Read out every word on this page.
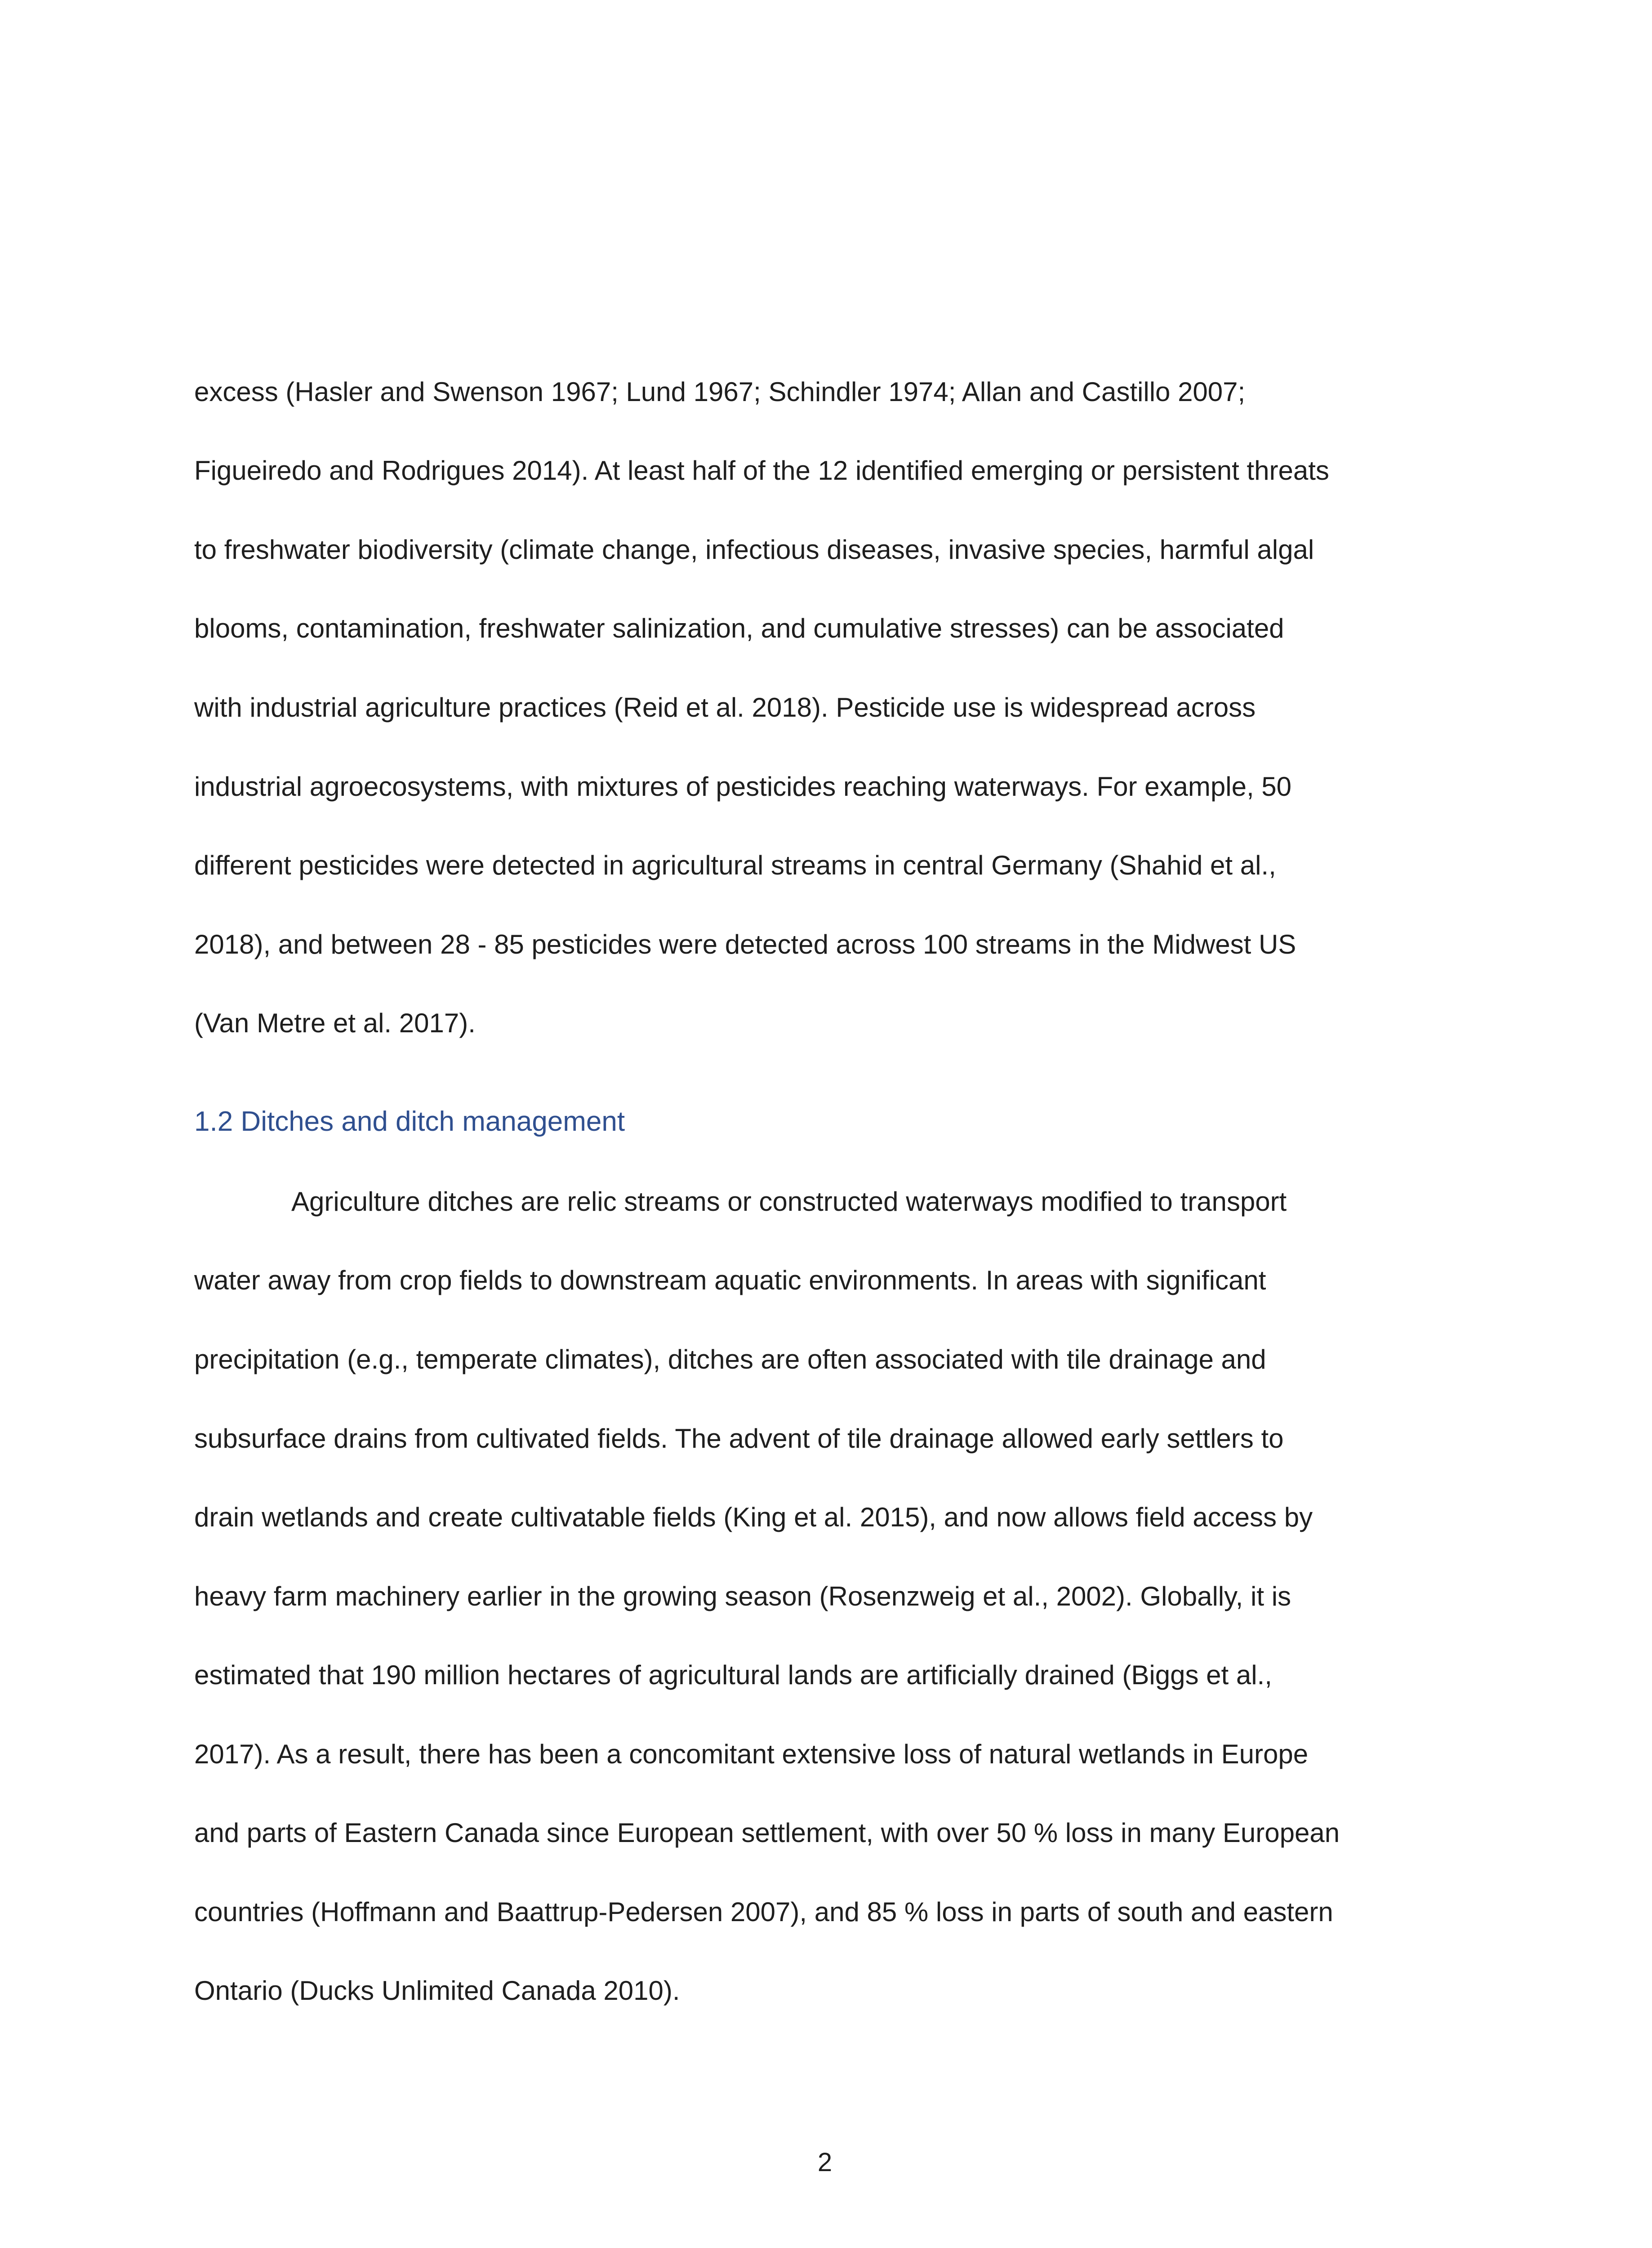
excess (Hasler and Swenson 1967; Lund 1967; Schindler 1974; Allan and Castillo 2007;

Figueiredo and Rodrigues 2014). At least half of the 12 identified emerging or persistent threats

to freshwater biodiversity (climate change, infectious diseases, invasive species, harmful algal

blooms, contamination, freshwater salinization, and cumulative stresses) can be associated

with industrial agriculture practices (Reid et al. 2018). Pesticide use is widespread across

industrial agroecosystems, with mixtures of pesticides reaching waterways. For example, 50

different pesticides were detected in agricultural streams in central Germany (Shahid et al.,

2018), and between 28 - 85 pesticides were detected across 100 streams in the Midwest US

(Van Metre et al. 2017).

1.2 Ditches and ditch management

Agriculture ditches are relic streams or constructed waterways modified to transport

water away from crop fields to downstream aquatic environments. In areas with significant

precipitation (e.g., temperate climates), ditches are often associated with tile drainage and

subsurface drains from cultivated fields. The advent of tile drainage allowed early settlers to

drain wetlands and create cultivatable fields (King et al. 2015), and now allows field access by

heavy farm machinery earlier in the growing season (Rosenzweig et al., 2002). Globally, it is

estimated that 190 million hectares of agricultural lands are artificially drained (Biggs et al.,

2017). As a result, there has been a concomitant extensive loss of natural wetlands in Europe

and parts of Eastern Canada since European settlement, with over 50 % loss in many European

countries (Hoffmann and Baattrup-Pedersen 2007), and 85 % loss in parts of south and eastern

Ontario (Ducks Unlimited Canada 2010).

2
